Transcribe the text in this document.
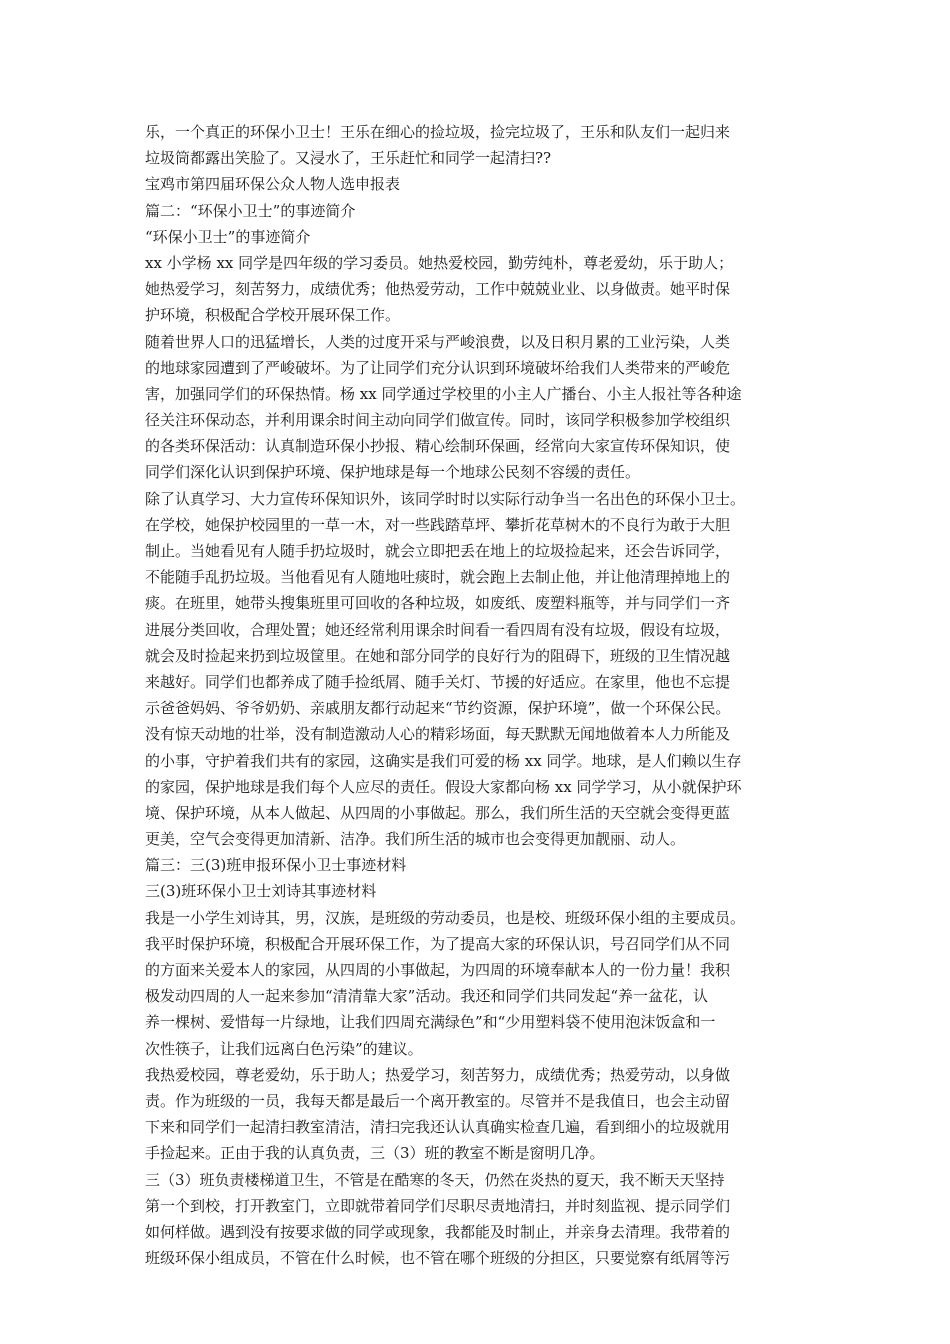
乐，一个真正的环保小卫士！王乐在细心的捡垃圾，捡完垃圾了，王乐和队友们一起归来
垃圾筒都露出笑脸了。又浸水了，王乐赶忙和同学一起清扫??
宝鸡市第四届环保公众人物人选申报表
篇二：“环保小卫士”的事迹简介
“环保小卫士”的事迹简介
xx 小学杨 xx 同学是四年级的学习委员。她热爱校园，勤劳纯朴，尊老爱幼，乐于助人；
她热爱学习，刻苦努力，成绩优秀；他热爱劳动，工作中兢兢业业、以身做责。她平时保
护环境，积极配合学校开展环保工作。
随着世界人口的迅猛增长，人类的过度开采与严峻浪费，以及日积月累的工业污染，人类
的地球家园遭到了严峻破坏。为了让同学们充分认识到环境破坏给我们人类带来的严峻危
害，加强同学们的环保热情。杨 xx 同学通过学校里的小主人广播台、小主人报社等各种途
径关注环保动态，并利用课余时间主动向同学们做宣传。同时，该同学积极参加学校组织
的各类环保活动：认真制造环保小抄报、精心绘制环保画，经常向大家宣传环保知识，使
同学们深化认识到保护环境、保护地球是每一个地球公民刻不容缓的责任。
除了认真学习、大力宣传环保知识外，该同学时时以实际行动争当一名出色的环保小卫士。
在学校，她保护校园里的一草一木，对一些践踏草坪、攀折花草树木的不良行为敢于大胆
制止。当她看见有人随手扔垃圾时，就会立即把丢在地上的垃圾捡起来，还会告诉同学，
不能随手乱扔垃圾。当他看见有人随地吐痰时，就会跑上去制止他，并让他清理掉地上的
痰。在班里，她带头搜集班里可回收的各种垃圾，如废纸、废塑料瓶等，并与同学们一齐
进展分类回收，合理处置；她还经常利用课余时间看一看四周有没有垃圾，假设有垃圾，
就会及时捡起来扔到垃圾筐里。在她和部分同学的良好行为的阻碍下，班级的卫生情况越
来越好。同学们也都养成了随手捡纸屑、随手关灯、节援的好适应。在家里，他也不忘提
示爸爸妈妈、爷爷奶奶、亲戚朋友都行动起来“节约资源，保护环境”，做一个环保公民。
没有惊天动地的壮举，没有制造激动人心的精彩场面，每天默默无闻地做着本人力所能及
的小事，守护着我们共有的家园，这确实是我们可爱的杨 xx 同学。地球，是人们赖以生存
的家园，保护地球是我们每个人应尽的责任。假设大家都向杨 xx 同学学习，从小就保护环
境、保护环境，从本人做起、从四周的小事做起。那么，我们所生活的天空就会变得更蓝
更美，空气会变得更加清新、洁净。我们所生活的城市也会变得更加靓丽、动人。
篇三：三(3)班申报环保小卫士事迹材料
三(3)班环保小卫士刘诗其事迹材料
我是一小学生刘诗其，男，汉族，是班级的劳动委员，也是校、班级环保小组的主要成员。
我平时保护环境，积极配合开展环保工作，为了提高大家的环保认识，号召同学们从不同
的方面来关爱本人的家园，从四周的小事做起，为四周的环境奉献本人的一份力量！我积
极发动四周的人一起来参加“清清靠大家”活动。我还和同学们共同发起“养一盆花，认
养一棵树、爱惜每一片绿地，让我们四周充满绿色”和“少用塑料袋不使用泡沫饭盒和一
次性筷子，让我们远离白色污染”的建议。
我热爱校园，尊老爱幼，乐于助人；热爱学习，刻苦努力，成绩优秀；热爱劳动，以身做
责。作为班级的一员，我每天都是最后一个离开教室的。尽管并不是我值日，也会主动留
下来和同学们一起清扫教室清洁，清扫完我还认认真确实检查几遍，看到细小的垃圾就用
手捡起来。正由于我的认真负责，三（3）班的教室不断是窗明几净。
三（3）班负责楼梯道卫生，不管是在酷寒的冬天，仍然在炎热的夏天，我不断天天坚持
第一个到校，打开教室门，立即就带着同学们尽职尽责地清扫，并时刻监视、提示同学们
如何样做。遇到没有按要求做的同学或现象，我都能及时制止，并亲身去清理。我带着的
班级环保小组成员，不管在什么时候，也不管在哪个班级的分担区，只要觉察有纸屑等污
